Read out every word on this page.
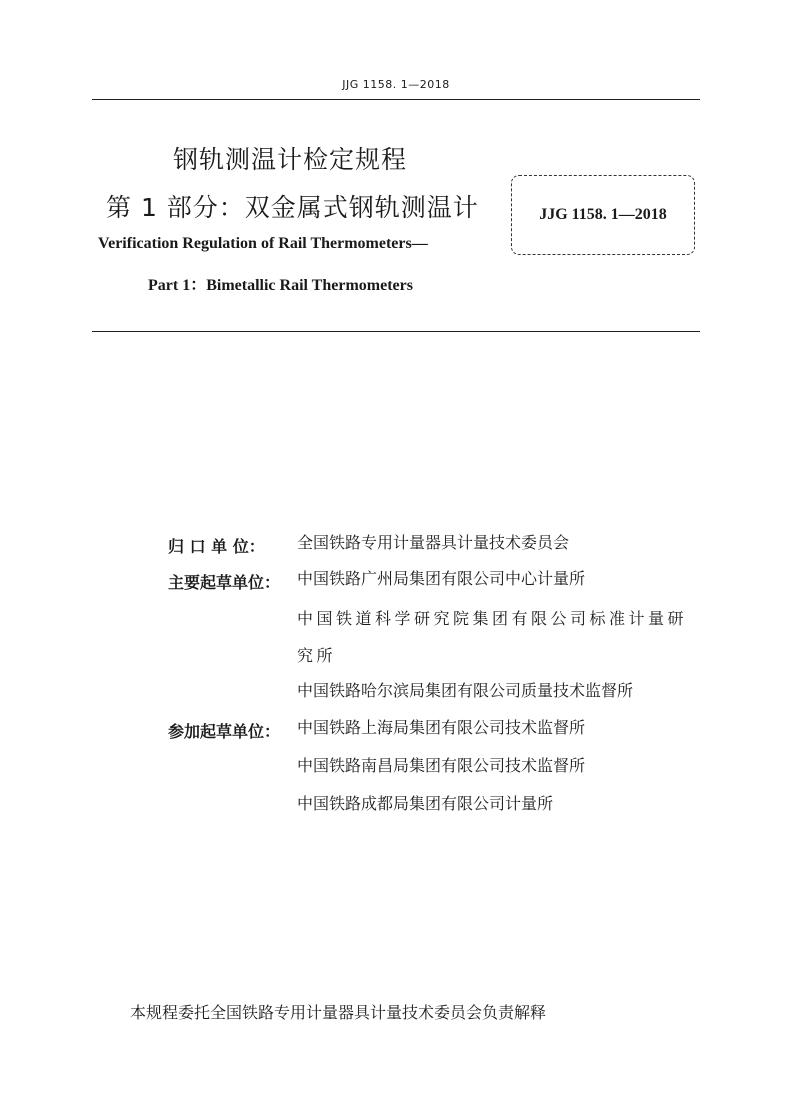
JJG 1158. 1—2018
钢轨测温计检定规程
第 1 部分：双金属式钢轨测温计
Verification Regulation of Rail Thermometers—
Part 1：Bimetallic Rail Thermometers
JJG 1158. 1—2018
归 口 单 位：	全国铁路专用计量器具计量技术委员会
主要起草单位：	中国铁路广州局集团有限公司中心计量所
中国铁道科学研究院集团有限公司标准计量研究所
中国铁路哈尔滨局集团有限公司质量技术监督所
参加起草单位：	中国铁路上海局集团有限公司技术监督所
中国铁路南昌局集团有限公司技术监督所
中国铁路成都局集团有限公司计量所
本规程委托全国铁路专用计量器具计量技术委员会负责解释
